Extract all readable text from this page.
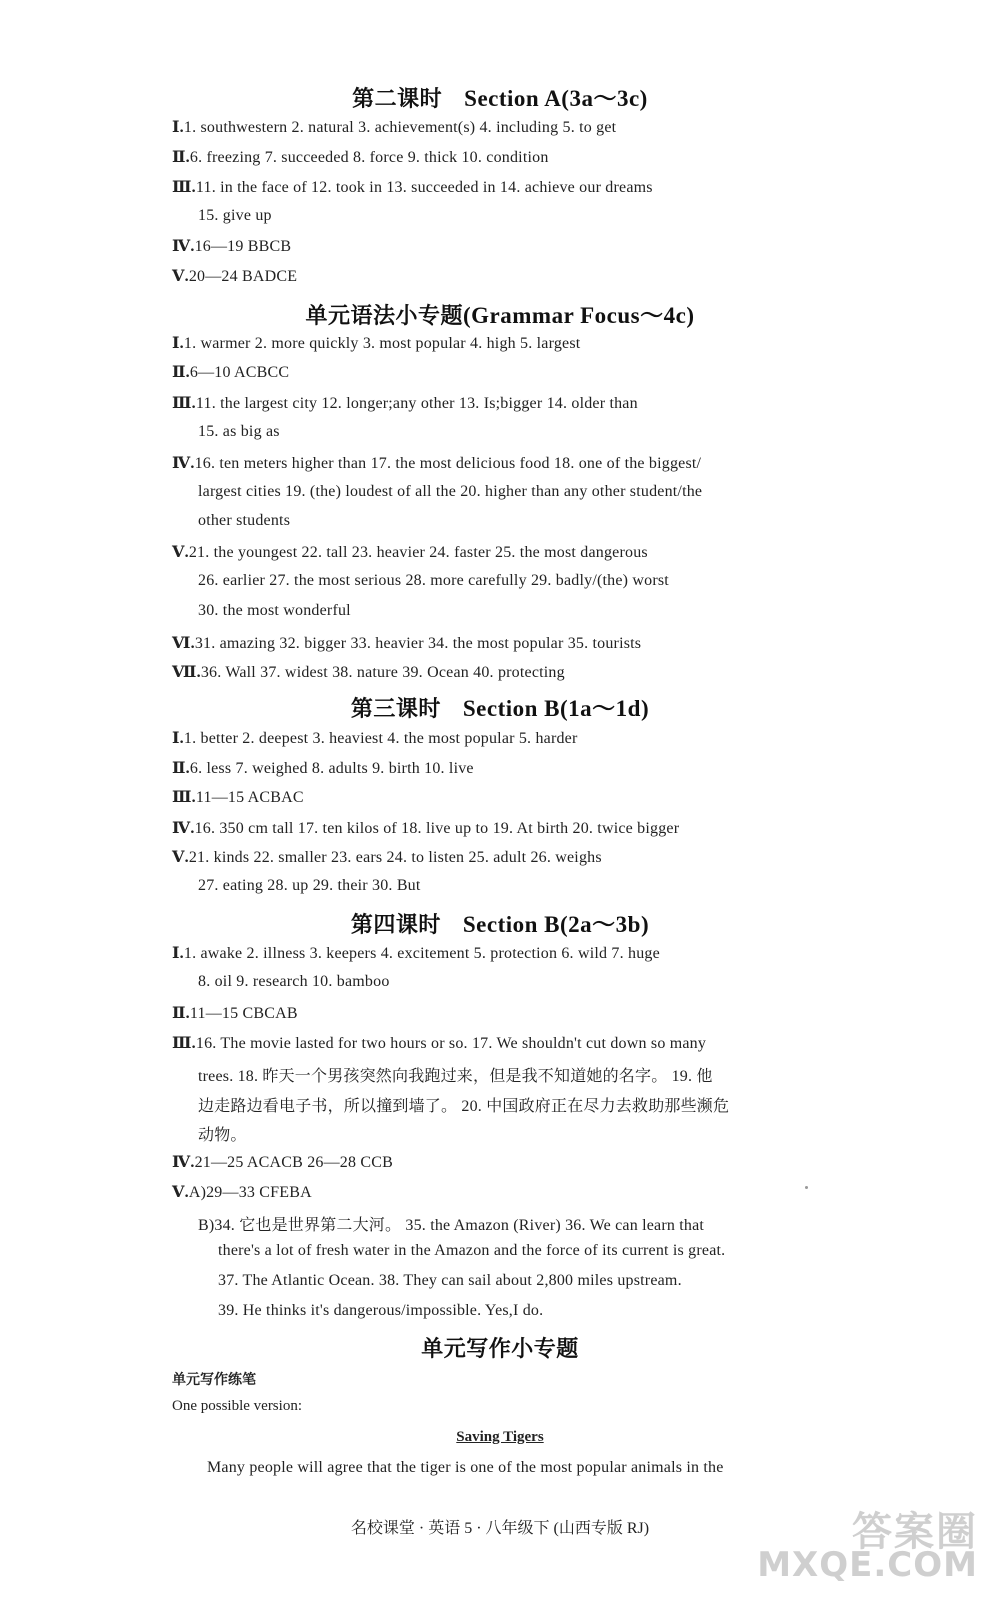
第二课时 Section A(3a～3c)
Ⅰ.1. southwestern 2. natural 3. achievement(s) 4. including 5. to get
Ⅱ.6. freezing 7. succeeded 8. force 9. thick 10. condition
Ⅲ.11. in the face of 12. took in 13. succeeded in 14. achieve our dreams
15. give up
Ⅳ.16—19 BBCB
Ⅴ.20—24 BADCE
单元语法小专题(Grammar Focus～4c)
Ⅰ.1. warmer 2. more quickly 3. most popular 4. high 5. largest
Ⅱ.6—10 ACBCC
Ⅲ.11. the largest city 12. longer;any other 13. Is;bigger 14. older than
15. as big as
Ⅳ.16. ten meters higher than 17. the most delicious food 18. one of the biggest/
largest cities 19. (the) loudest of all the 20. higher than any other student/the
other students
Ⅴ.21. the youngest 22. tall 23. heavier 24. faster 25. the most dangerous
26. earlier 27. the most serious 28. more carefully 29. badly/(the) worst
30. the most wonderful
Ⅵ.31. amazing 32. bigger 33. heavier 34. the most popular 35. tourists
Ⅶ.36. Wall 37. widest 38. nature 39. Ocean 40. protecting
第三课时 Section B(1a～1d)
Ⅰ.1. better 2. deepest 3. heaviest 4. the most popular 5. harder
Ⅱ.6. less 7. weighed 8. adults 9. birth 10. live
Ⅲ.11—15 ACBAC
Ⅳ.16. 350 cm tall 17. ten kilos of 18. live up to 19. At birth 20. twice bigger
Ⅴ.21. kinds 22. smaller 23. ears 24. to listen 25. adult 26. weighs
27. eating 28. up 29. their 30. But
第四课时 Section B(2a～3b)
Ⅰ.1. awake 2. illness 3. keepers 4. excitement 5. protection 6. wild 7. huge
8. oil 9. research 10. bamboo
Ⅱ.11—15 CBCAB
Ⅲ.16. The movie lasted for two hours or so. 17. We shouldn't cut down so many
trees. 18. 昨天一个男孩突然向我跑过来，但是我不知道她的名字。 19. 他
边走路边看电子书，所以撞到墙了。 20. 中国政府正在尽力去救助那些濒危
动物。
Ⅳ.21—25 ACACB 26—28 CCB
Ⅴ.A)29—33 CFEBA
B)34. 它也是世界第二大河。 35. the Amazon (River) 36. We can learn that
there's a lot of fresh water in the Amazon and the force of its current is great.
37. The Atlantic Ocean. 38. They can sail about 2,800 miles upstream.
39. He thinks it's dangerous/impossible. Yes,I do.
单元写作小专题
单元写作练笔
One possible version:
Saving Tigers
Many people will agree that the tiger is one of the most popular animals in the
名校课堂 · 英语 5 · 八年级下 (山西专版 RJ)	答案圈
MXQE.COM
